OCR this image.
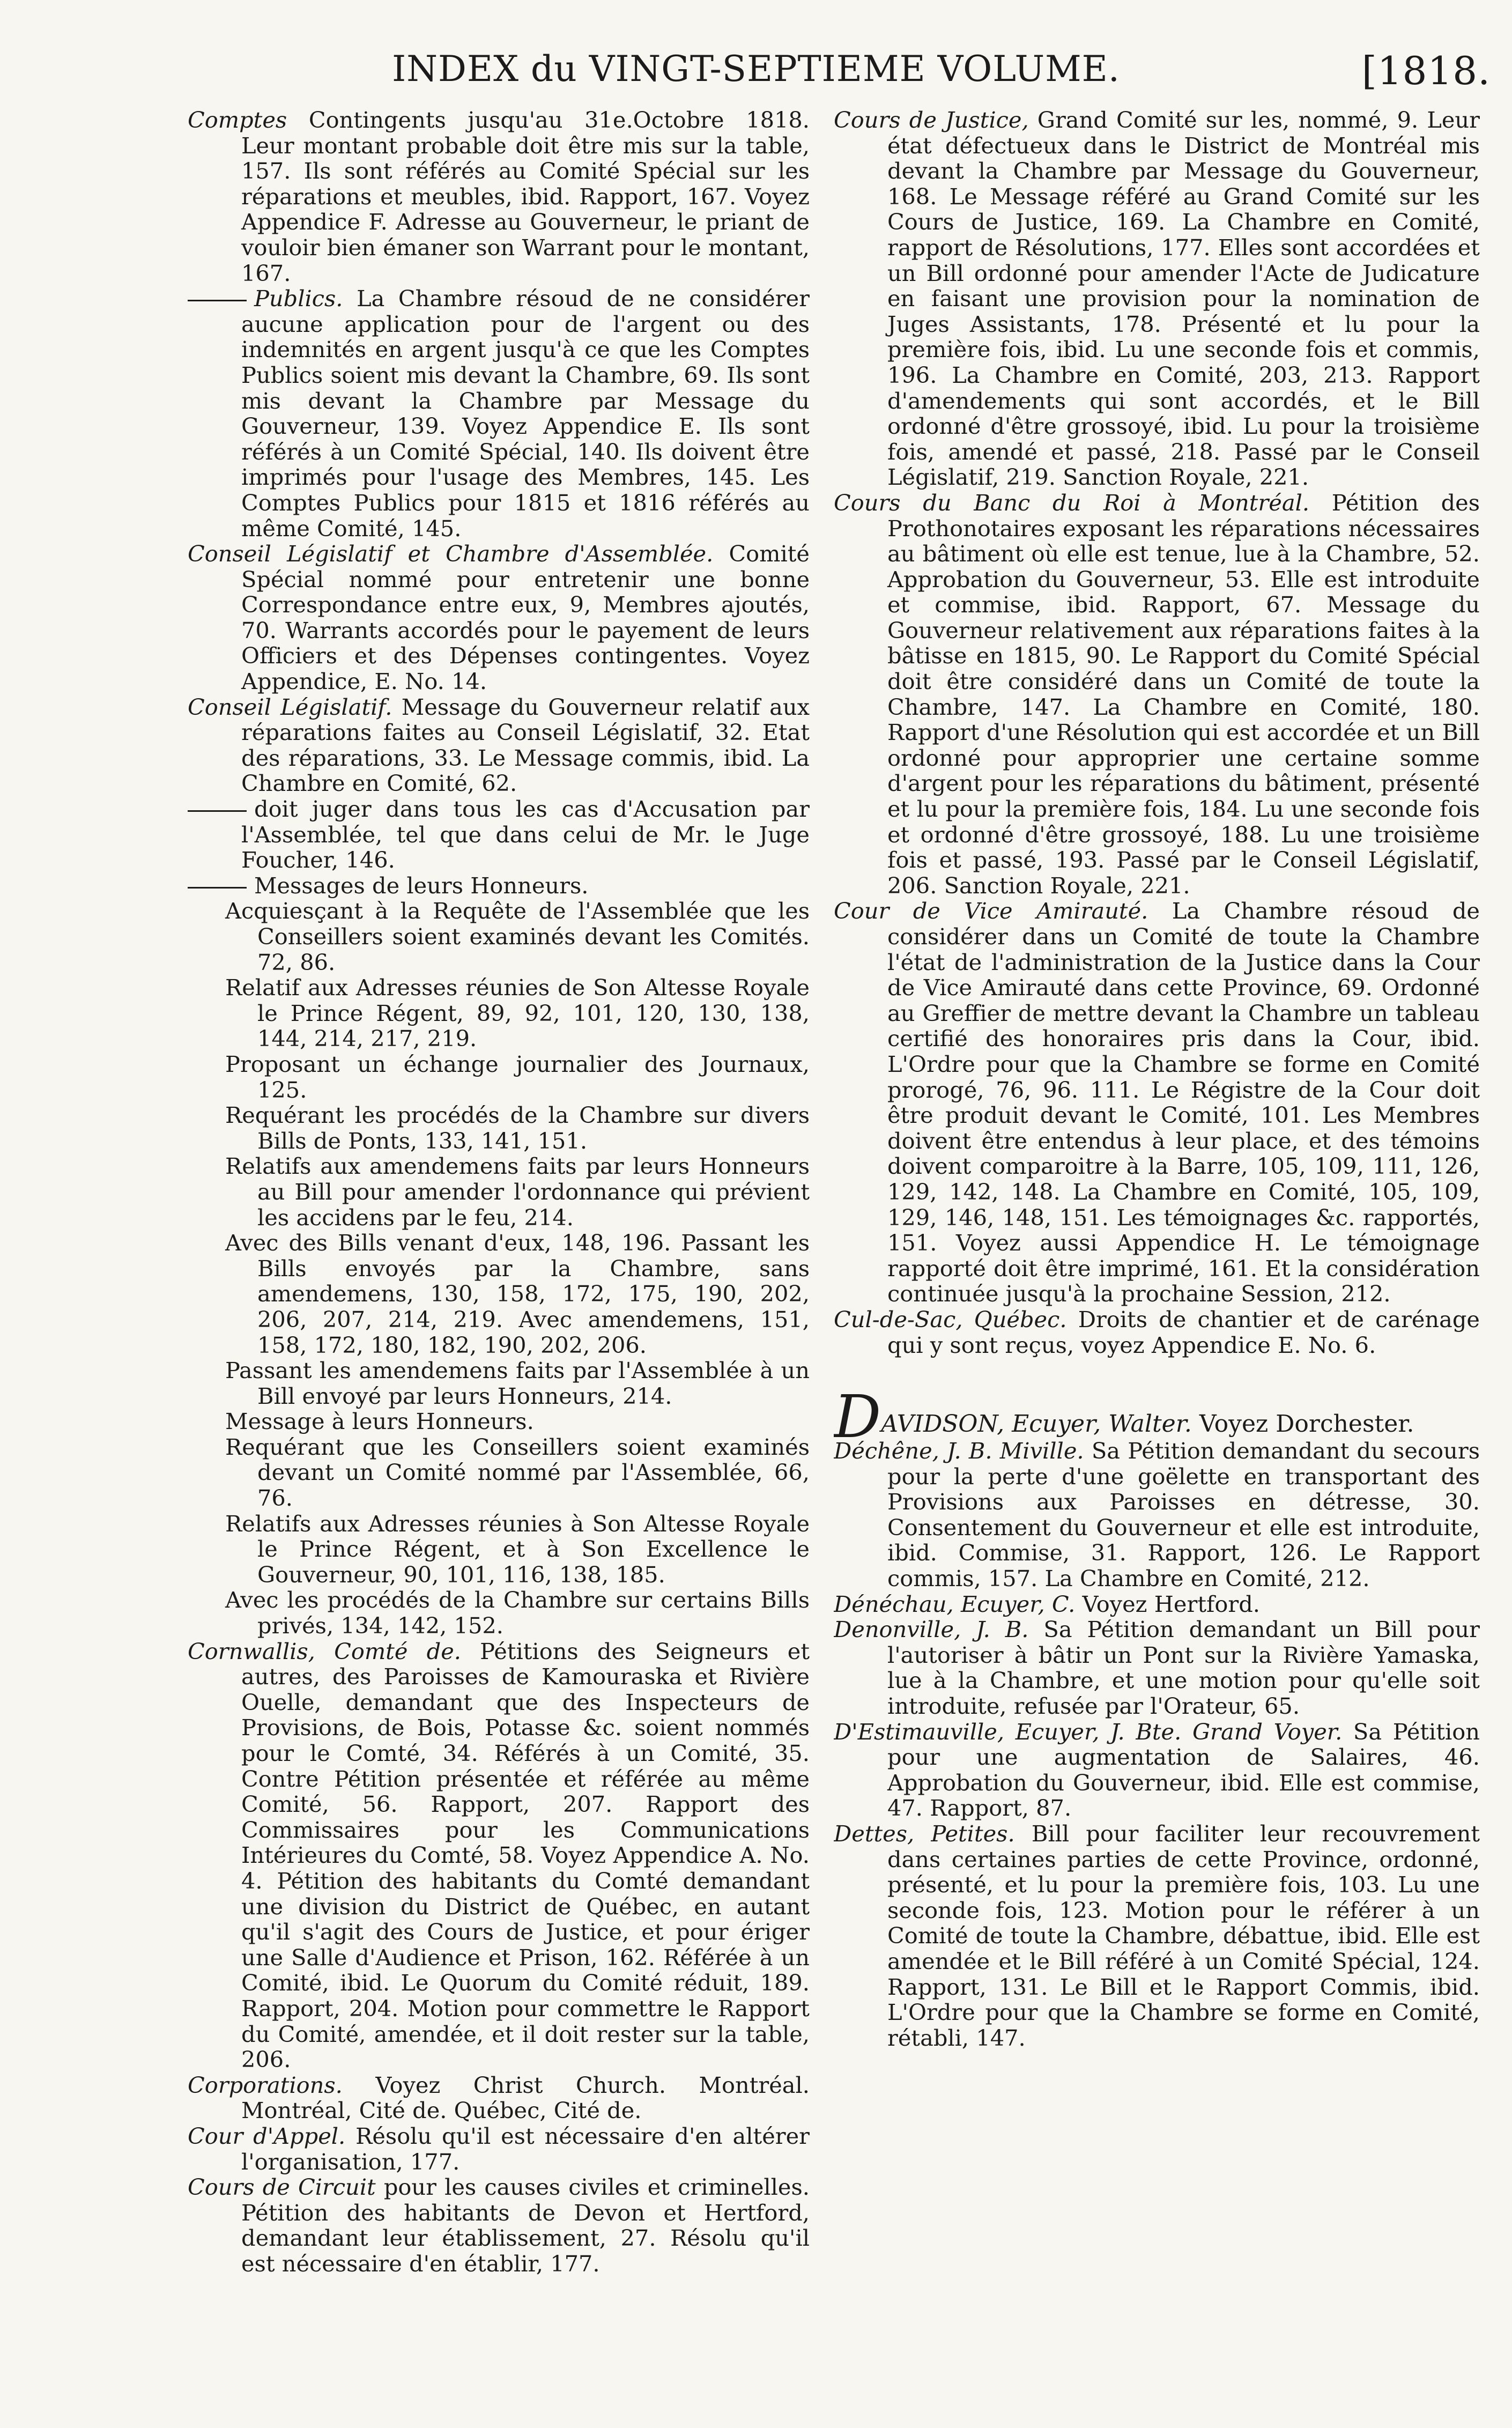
INDEX du VINGT-SEPTIEME VOLUME.	[1818.

Comptes Contingents jusqu'au 31e.Octobre 1818. Leur montant probable doit être mis sur la table, 157. Ils sont référés au Comité Spécial sur les réparations et meubles, ibid. Rapport, 167. Voyez Appendice F. Adresse au Gouverneur, le priant de vouloir bien émaner son Warrant pour le montant, 167.

Publics. La Chambre résoud de ne considérer aucune application pour de l'argent ou des indemnités en argent jusqu'à ce que les Comptes Publics soient mis devant la Chambre, 69. Ils sont mis devant la Chambre par Message du Gouverneur, 139. Voyez Appendice E. Ils sont référés à un Comité Spécial, 140. Ils doivent être imprimés pour l'usage des Membres, 145. Les Comptes Publics pour 1815 et 1816 référés au même Comité, 145.

Conseil Législatif et Chambre d'Assemblée. Comité Spécial nommé pour entretenir une bonne Correspondance entre eux, 9, Membres ajoutés, 70. Warrants accordés pour le payement de leurs Officiers et des Dépenses contingentes. Voyez Appendice, E. No. 14.

Conseil Législatif. Message du Gouverneur relatif aux réparations faites au Conseil Législatif, 32. Etat des réparations, 33. Le Message commis, ibid. La Chambre en Comité, 62.

doit juger dans tous les cas d'Accusation par l'Assemblée, tel que dans celui de Mr. le Juge Foucher, 146.

Messages de leurs Honneurs.

Acquiesçant à la Requête de l'Assemblée que les Conseillers soient examinés devant les Comités. 72, 86.

Relatif aux Adresses réunies de Son Altesse Royale le Prince Régent, 89, 92, 101, 120, 130, 138, 144, 214, 217, 219.

Proposant un échange journalier des Journaux, 125.

Requérant les procédés de la Chambre sur divers Bills de Ponts, 133, 141, 151.

Relatifs aux amendemens faits par leurs Honneurs au Bill pour amender l'ordonnance qui prévient les accidens par le feu, 214.

Avec des Bills venant d'eux, 148, 196. Passant les Bills envoyés par la Chambre, sans amendemens, 130, 158, 172, 175, 190, 202, 206, 207, 214, 219. Avec amendemens, 151, 158, 172, 180, 182, 190, 202, 206.

Passant les amendemens faits par l'Assemblée à un Bill envoyé par leurs Honneurs, 214.

Message à leurs Honneurs.

Requérant que les Conseillers soient examinés devant un Comité nommé par l'Assemblée, 66, 76.

Relatifs aux Adresses réunies à Son Altesse Royale le Prince Régent, et à Son Excellence le Gouverneur, 90, 101, 116, 138, 185.

Avec les procédés de la Chambre sur certains Bills privés, 134, 142, 152.

Cornwallis, Comté de. Pétitions des Seigneurs et autres, des Paroisses de Kamouraska et Rivière Ouelle, demandant que des Inspecteurs de Provisions, de Bois, Potasse &c. soient nommés pour le Comté, 34. Référés à un Comité, 35. Contre Pétition présentée et référée au même Comité, 56. Rapport, 207. Rapport des Commissaires pour les Communications Intérieures du Comté, 58. Voyez Appendice A. No. 4. Pétition des habitants du Comté demandant une division du District de Québec, en autant qu'il s'agit des Cours de Justice, et pour ériger une Salle d'Audience et Prison, 162. Référée à un Comité, ibid. Le Quorum du Comité réduit, 189. Rapport, 204. Motion pour commettre le Rapport du Comité, amendée, et il doit rester sur la table, 206.

Corporations. Voyez Christ Church. Montréal. Montréal, Cité de. Québec, Cité de.

Cour d'Appel. Résolu qu'il est nécessaire d'en altérer l'organisation, 177.

Cours de Circuit pour les causes civiles et criminelles. Pétition des habitants de Devon et Hertford, demandant leur établissement, 27. Résolu qu'il est nécessaire d'en établir, 177.

Cours de Justice, Grand Comité sur les, nommé, 9. Leur état défectueux dans le District de Montréal mis devant la Chambre par Message du Gouverneur, 168. Le Message référé au Grand Comité sur les Cours de Justice, 169. La Chambre en Comité, rapport de Résolutions, 177. Elles sont accordées et un Bill ordonné pour amender l'Acte de Judicature en faisant une provision pour la nomination de Juges Assistants, 178. Présenté et lu pour la première fois, ibid. Lu une seconde fois et commis, 196. La Chambre en Comité, 203, 213. Rapport d'amendements qui sont accordés, et le Bill ordonné d'être grossoyé, ibid. Lu pour la troisième fois, amendé et passé, 218. Passé par le Conseil Législatif, 219. Sanction Royale, 221.

Cours du Banc du Roi à Montréal. Pétition des Prothonotaires exposant les réparations nécessaires au bâtiment où elle est tenue, lue à la Chambre, 52. Approbation du Gouverneur, 53. Elle est introduite et commise, ibid. Rapport, 67. Message du Gouverneur relativement aux réparations faites à la bâtisse en 1815, 90. Le Rapport du Comité Spécial doit être considéré dans un Comité de toute la Chambre, 147. La Chambre en Comité, 180. Rapport d'une Résolution qui est accordée et un Bill ordonné pour approprier une certaine somme d'argent pour les réparations du bâtiment, présenté et lu pour la première fois, 184. Lu une seconde fois et ordonné d'être grossoyé, 188. Lu une troisième fois et passé, 193. Passé par le Conseil Législatif, 206. Sanction Royale, 221.

Cour de Vice Amirauté. La Chambre résoud de considérer dans un Comité de toute la Chambre l'état de l'administration de la Justice dans la Cour de Vice Amirauté dans cette Province, 69. Ordonné au Greffier de mettre devant la Chambre un tableau certifié des honoraires pris dans la Cour, ibid. L'Ordre pour que la Chambre se forme en Comité prorogé, 76, 96. 111. Le Régistre de la Cour doit être produit devant le Comité, 101. Les Membres doivent être entendus à leur place, et des témoins doivent comparoitre à la Barre, 105, 109, 111, 126, 129, 142, 148. La Chambre en Comité, 105, 109, 129, 146, 148, 151. Les témoignages &c. rapportés, 151. Voyez aussi Appendice H. Le témoignage rapporté doit être imprimé, 161. Et la considération continuée jusqu'à la prochaine Session, 212.

Cul-de-Sac, Québec. Droits de chantier et de carénage qui y sont reçus, voyez Appendice E. No. 6.

DAVIDSON, Ecuyer, Walter. Voyez Dorchester.

Déchêne, J. B. Miville. Sa Pétition demandant du secours pour la perte d'une goëlette en transportant des Provisions aux Paroisses en détresse, 30. Consentement du Gouverneur et elle est introduite, ibid. Commise, 31. Rapport, 126. Le Rapport commis, 157. La Chambre en Comité, 212.

Dénéchau, Ecuyer, C. Voyez Hertford.

Denonville, J. B. Sa Pétition demandant un Bill pour l'autoriser à bâtir un Pont sur la Rivière Yamaska, lue à la Chambre, et une motion pour qu'elle soit introduite, refusée par l'Orateur, 65.

D'Estimauville, Ecuyer, J. Bte. Grand Voyer. Sa Pétition pour une augmentation de Salaires, 46. Approbation du Gouverneur, ibid. Elle est commise, 47. Rapport, 87.

Dettes, Petites. Bill pour faciliter leur recouvrement dans certaines parties de cette Province, ordonné, présenté, et lu pour la première fois, 103. Lu une seconde fois, 123. Motion pour le référer à un Comité de toute la Chambre, débattue, ibid. Elle est amendée et le Bill référé à un Comité Spécial, 124. Rapport, 131. Le Bill et le Rapport Commis, ibid. L'Ordre pour que la Chambre se forme en Comité, rétabli, 147.
